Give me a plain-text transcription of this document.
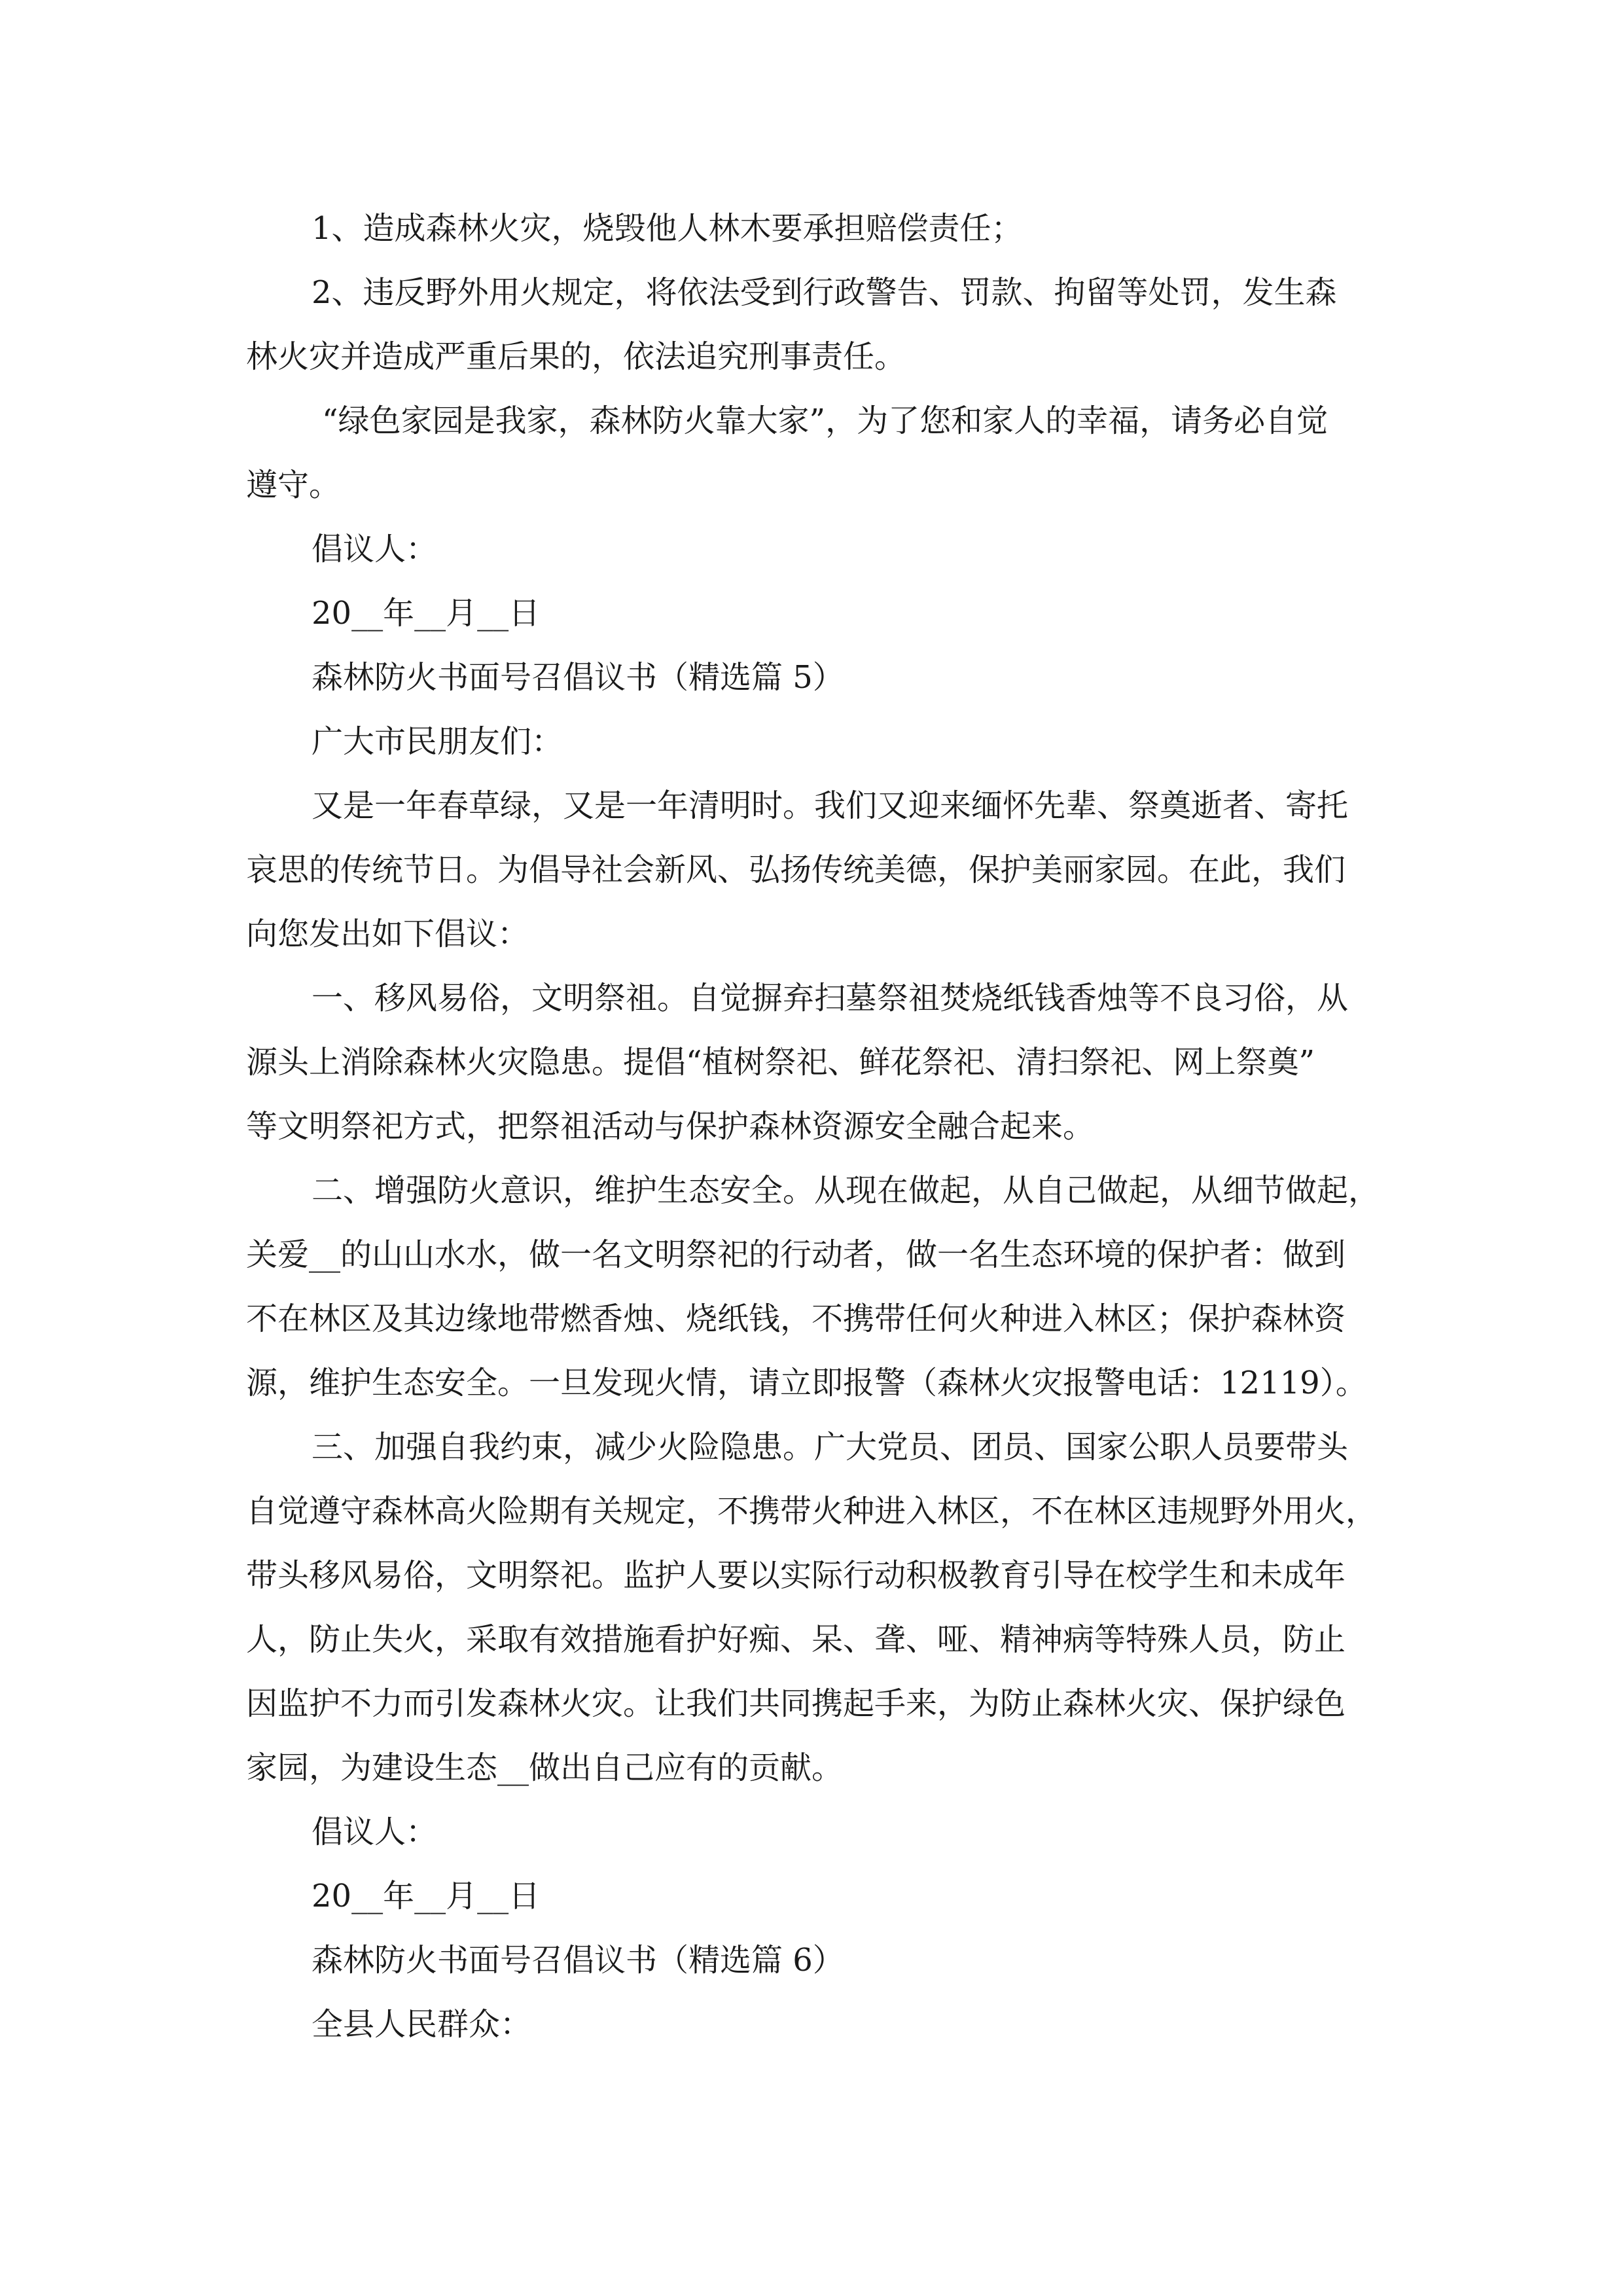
1、造成森林火灾，烧毁他人林木要承担赔偿责任；

2、违反野外用火规定，将依法受到行政警告、罚款、拘留等处罚，发生森

林火灾并造成严重后果的，依法追究刑事责任。

“绿色家园是我家，森林防火靠大家”，为了您和家人的幸福，请务必自觉

遵守。

倡议人：

20__年__月__日

森林防火书面号召倡议书（精选篇 5）

广大市民朋友们：

又是一年春草绿，又是一年清明时。我们又迎来缅怀先辈、祭奠逝者、寄托

哀思的传统节日。为倡导社会新风、弘扬传统美德，保护美丽家园。在此，我们

向您发出如下倡议：

一、移风易俗，文明祭祖。自觉摒弃扫墓祭祖焚烧纸钱香烛等不良习俗，从

源头上消除森林火灾隐患。提倡“植树祭祀、鲜花祭祀、清扫祭祀、网上祭奠”

等文明祭祀方式，把祭祖活动与保护森林资源安全融合起来。

二、增强防火意识，维护生态安全。从现在做起，从自己做起，从细节做起，

关爱__的山山水水，做一名文明祭祀的行动者，做一名生态环境的保护者：做到

不在林区及其边缘地带燃香烛、烧纸钱，不携带任何火种进入林区；保护森林资

源，维护生态安全。一旦发现火情，请立即报警（森林火灾报警电话：12119）。

三、加强自我约束，减少火险隐患。广大党员、团员、国家公职人员要带头

自觉遵守森林高火险期有关规定，不携带火种进入林区，不在林区违规野外用火，

带头移风易俗，文明祭祀。监护人要以实际行动积极教育引导在校学生和未成年

人，防止失火，采取有效措施看护好痴、呆、聋、哑、精神病等特殊人员，防止

因监护不力而引发森林火灾。让我们共同携起手来，为防止森林火灾、保护绿色

家园，为建设生态__做出自己应有的贡献。

倡议人：

20__年__月__日

森林防火书面号召倡议书（精选篇 6）

全县人民群众：
